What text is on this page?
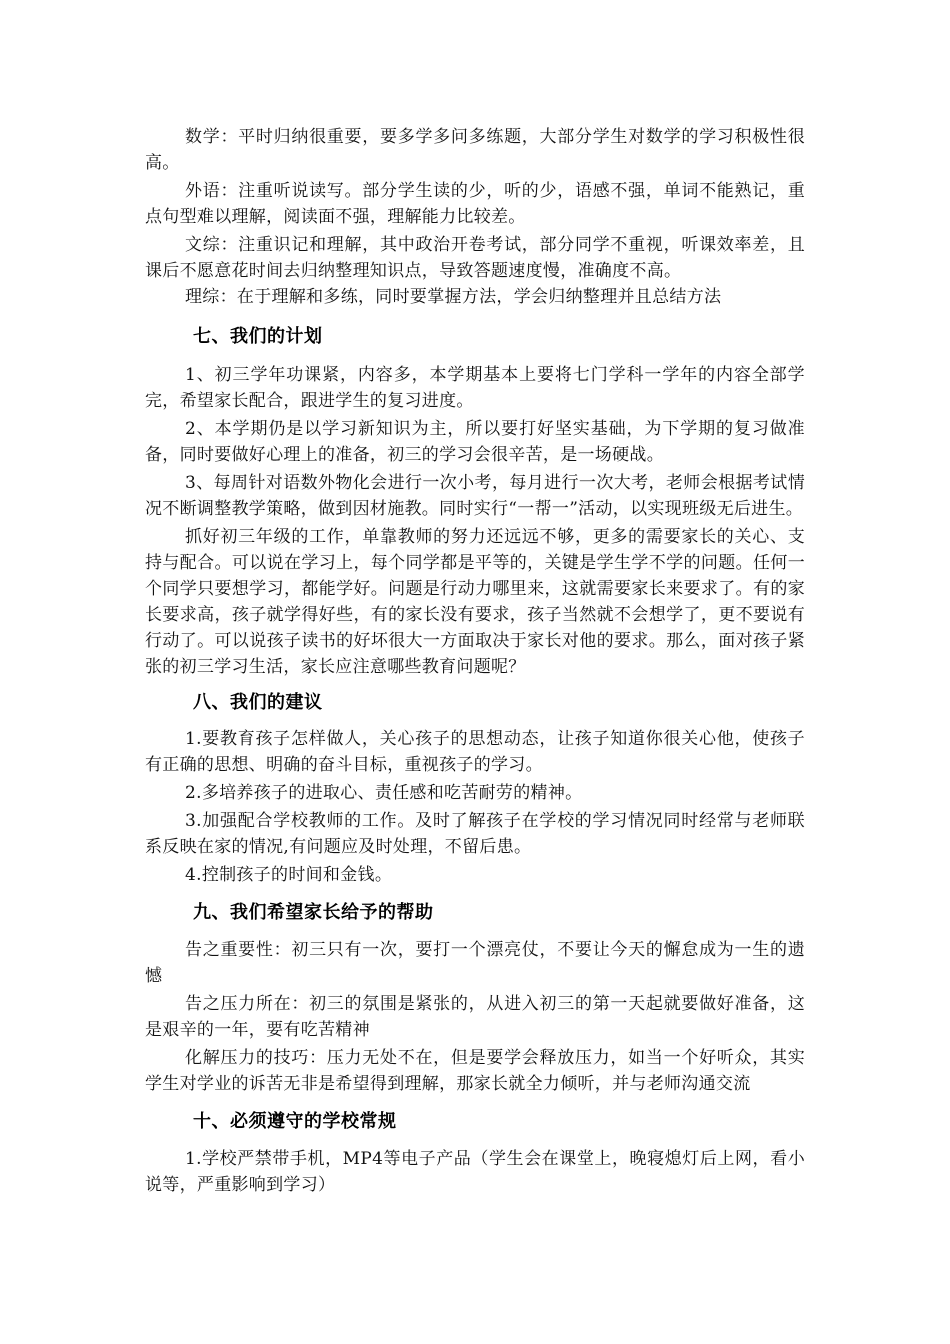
数学：平时归纳很重要，要多学多问多练题，大部分学生对数学的学习积极性很高。

外语：注重听说读写。部分学生读的少，听的少，语感不强，单词不能熟记，重点句型难以理解，阅读面不强，理解能力比较差。

文综：注重识记和理解，其中政治开卷考试，部分同学不重视，听课效率差，且课后不愿意花时间去归纳整理知识点，导致答题速度慢，准确度不高。

理综：在于理解和多练，同时要掌握方法，学会归纳整理并且总结方法

七、我们的计划

1、初三学年功课紧，内容多，本学期基本上要将七门学科一学年的内容全部学完，希望家长配合，跟进学生的复习进度。

2、本学期仍是以学习新知识为主，所以要打好坚实基础，为下学期的复习做准备，同时要做好心理上的准备，初三的学习会很辛苦，是一场硬战。

3、每周针对语数外物化会进行一次小考，每月进行一次大考，老师会根据考试情况不断调整教学策略，做到因材施教。同时实行“一帮一”活动，以实现班级无后进生。

抓好初三年级的工作，单靠教师的努力还远远不够，更多的需要家长的关心、支持与配合。可以说在学习上，每个同学都是平等的，关键是学生学不学的问题。任何一个同学只要想学习，都能学好。问题是行动力哪里来，这就需要家长来要求了。有的家长要求高，孩子就学得好些，有的家长没有要求，孩子当然就不会想学了，更不要说有行动了。可以说孩子读书的好坏很大一方面取决于家长对他的要求。那么，面对孩子紧张的初三学习生活，家长应注意哪些教育问题呢？

八、我们的建议

1.要教育孩子怎样做人，关心孩子的思想动态，让孩子知道你很关心他，使孩子有正确的思想、明确的奋斗目标，重视孩子的学习。

2.多培养孩子的进取心、责任感和吃苦耐劳的精神。

3.加强配合学校教师的工作。及时了解孩子在学校的学习情况同时经常与老师联系反映在家的情况,有问题应及时处理，不留后患。

4.控制孩子的时间和金钱。

九、我们希望家长给予的帮助

告之重要性：初三只有一次，要打一个漂亮仗，不要让今天的懈怠成为一生的遗憾

告之压力所在：初三的氛围是紧张的，从进入初三的第一天起就要做好准备，这是艰辛的一年，要有吃苦精神

化解压力的技巧：压力无处不在，但是要学会释放压力，如当一个好听众，其实学生对学业的诉苦无非是希望得到理解，那家长就全力倾听，并与老师沟通交流

十、必须遵守的学校常规

1.学校严禁带手机，MP4等电子产品（学生会在课堂上，晚寝熄灯后上网，看小说等，严重影响到学习）
